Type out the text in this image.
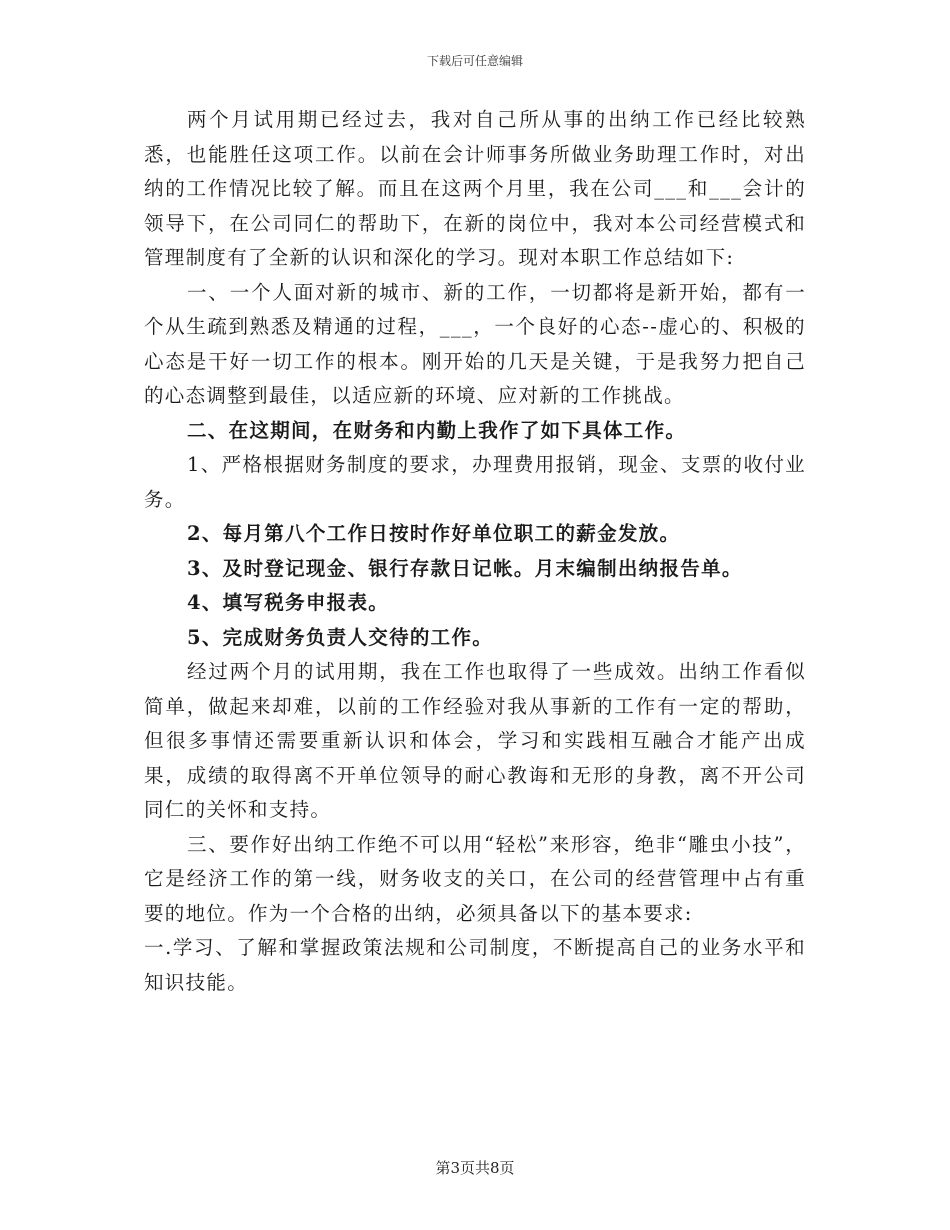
下载后可任意编辑

两个月试用期已经过去，我对自己所从事的出纳工作已经比较熟悉，也能胜任这项工作。以前在会计师事务所做业务助理工作时，对出纳的工作情况比较了解。而且在这两个月里，我在公司___和___会计的领导下，在公司同仁的帮助下，在新的岗位中，我对本公司经营模式和管理制度有了全新的认识和深化的学习。现对本职工作总结如下:

一、一个人面对新的城市、新的工作，一切都将是新开始，都有一个从生疏到熟悉及精通的过程，___，一个良好的心态--虚心的、积极的心态是干好一切工作的根本。刚开始的几天是关键，于是我努力把自己的心态调整到最佳，以适应新的环境、应对新的工作挑战。

二、在这期间，在财务和内勤上我作了如下具体工作。

1、严格根据财务制度的要求，办理费用报销，现金、支票的收付业务。

2、每月第八个工作日按时作好单位职工的薪金发放。

3、及时登记现金、银行存款日记帐。月末编制出纳报告单。

4、填写税务申报表。

5、完成财务负责人交待的工作。

经过两个月的试用期，我在工作也取得了一些成效。出纳工作看似简单，做起来却难，以前的工作经验对我从事新的工作有一定的帮助，但很多事情还需要重新认识和体会，学习和实践相互融合才能产出成果，成绩的取得离不开单位领导的耐心教诲和无形的身教，离不开公司同仁的关怀和支持。

三、要作好出纳工作绝不可以用“轻松”来形容，绝非“雕虫小技”，它是经济工作的第一线，财务收支的关口，在公司的经营管理中占有重要的地位。作为一个合格的出纳，必须具备以下的基本要求:

一.学习、了解和掌握政策法规和公司制度，不断提高自己的业务水平和知识技能。

第3页共8页
